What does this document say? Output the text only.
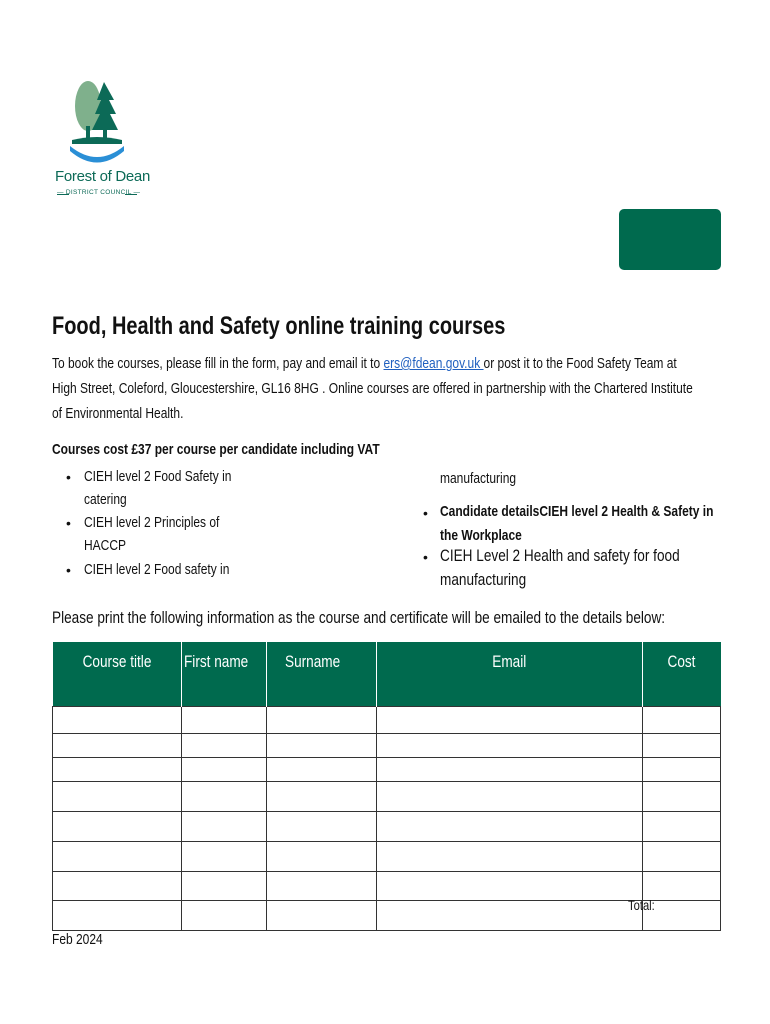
Forest of Dean
— DISTRICT COUNCIL —
Food, Health and Safety online training courses
To book the courses, please fill in the form, pay and email it to ers@fdean.gov.uk or post it to the Food Safety Team at
High Street, Coleford, Gloucestershire, GL16 8HG . Online courses are offered in partnership with the Chartered Institute
of Environmental Health.
Courses cost £37 per course per candidate including VAT
• CIEH level 2 Food Safety in
catering
• CIEH level 2 Principles of
HACCP
• CIEH level 2 Food safety in
manufacturing
• Candidate detailsCIEH level 2 Health & Safety in
the Workplace
• CIEH Level 2 Health and safety for food
manufacturing
Please print the following information as the course and certificate will be emailed to the details below:
Course title	First name	Surname	Email	Cost

Total:
Feb 2024
